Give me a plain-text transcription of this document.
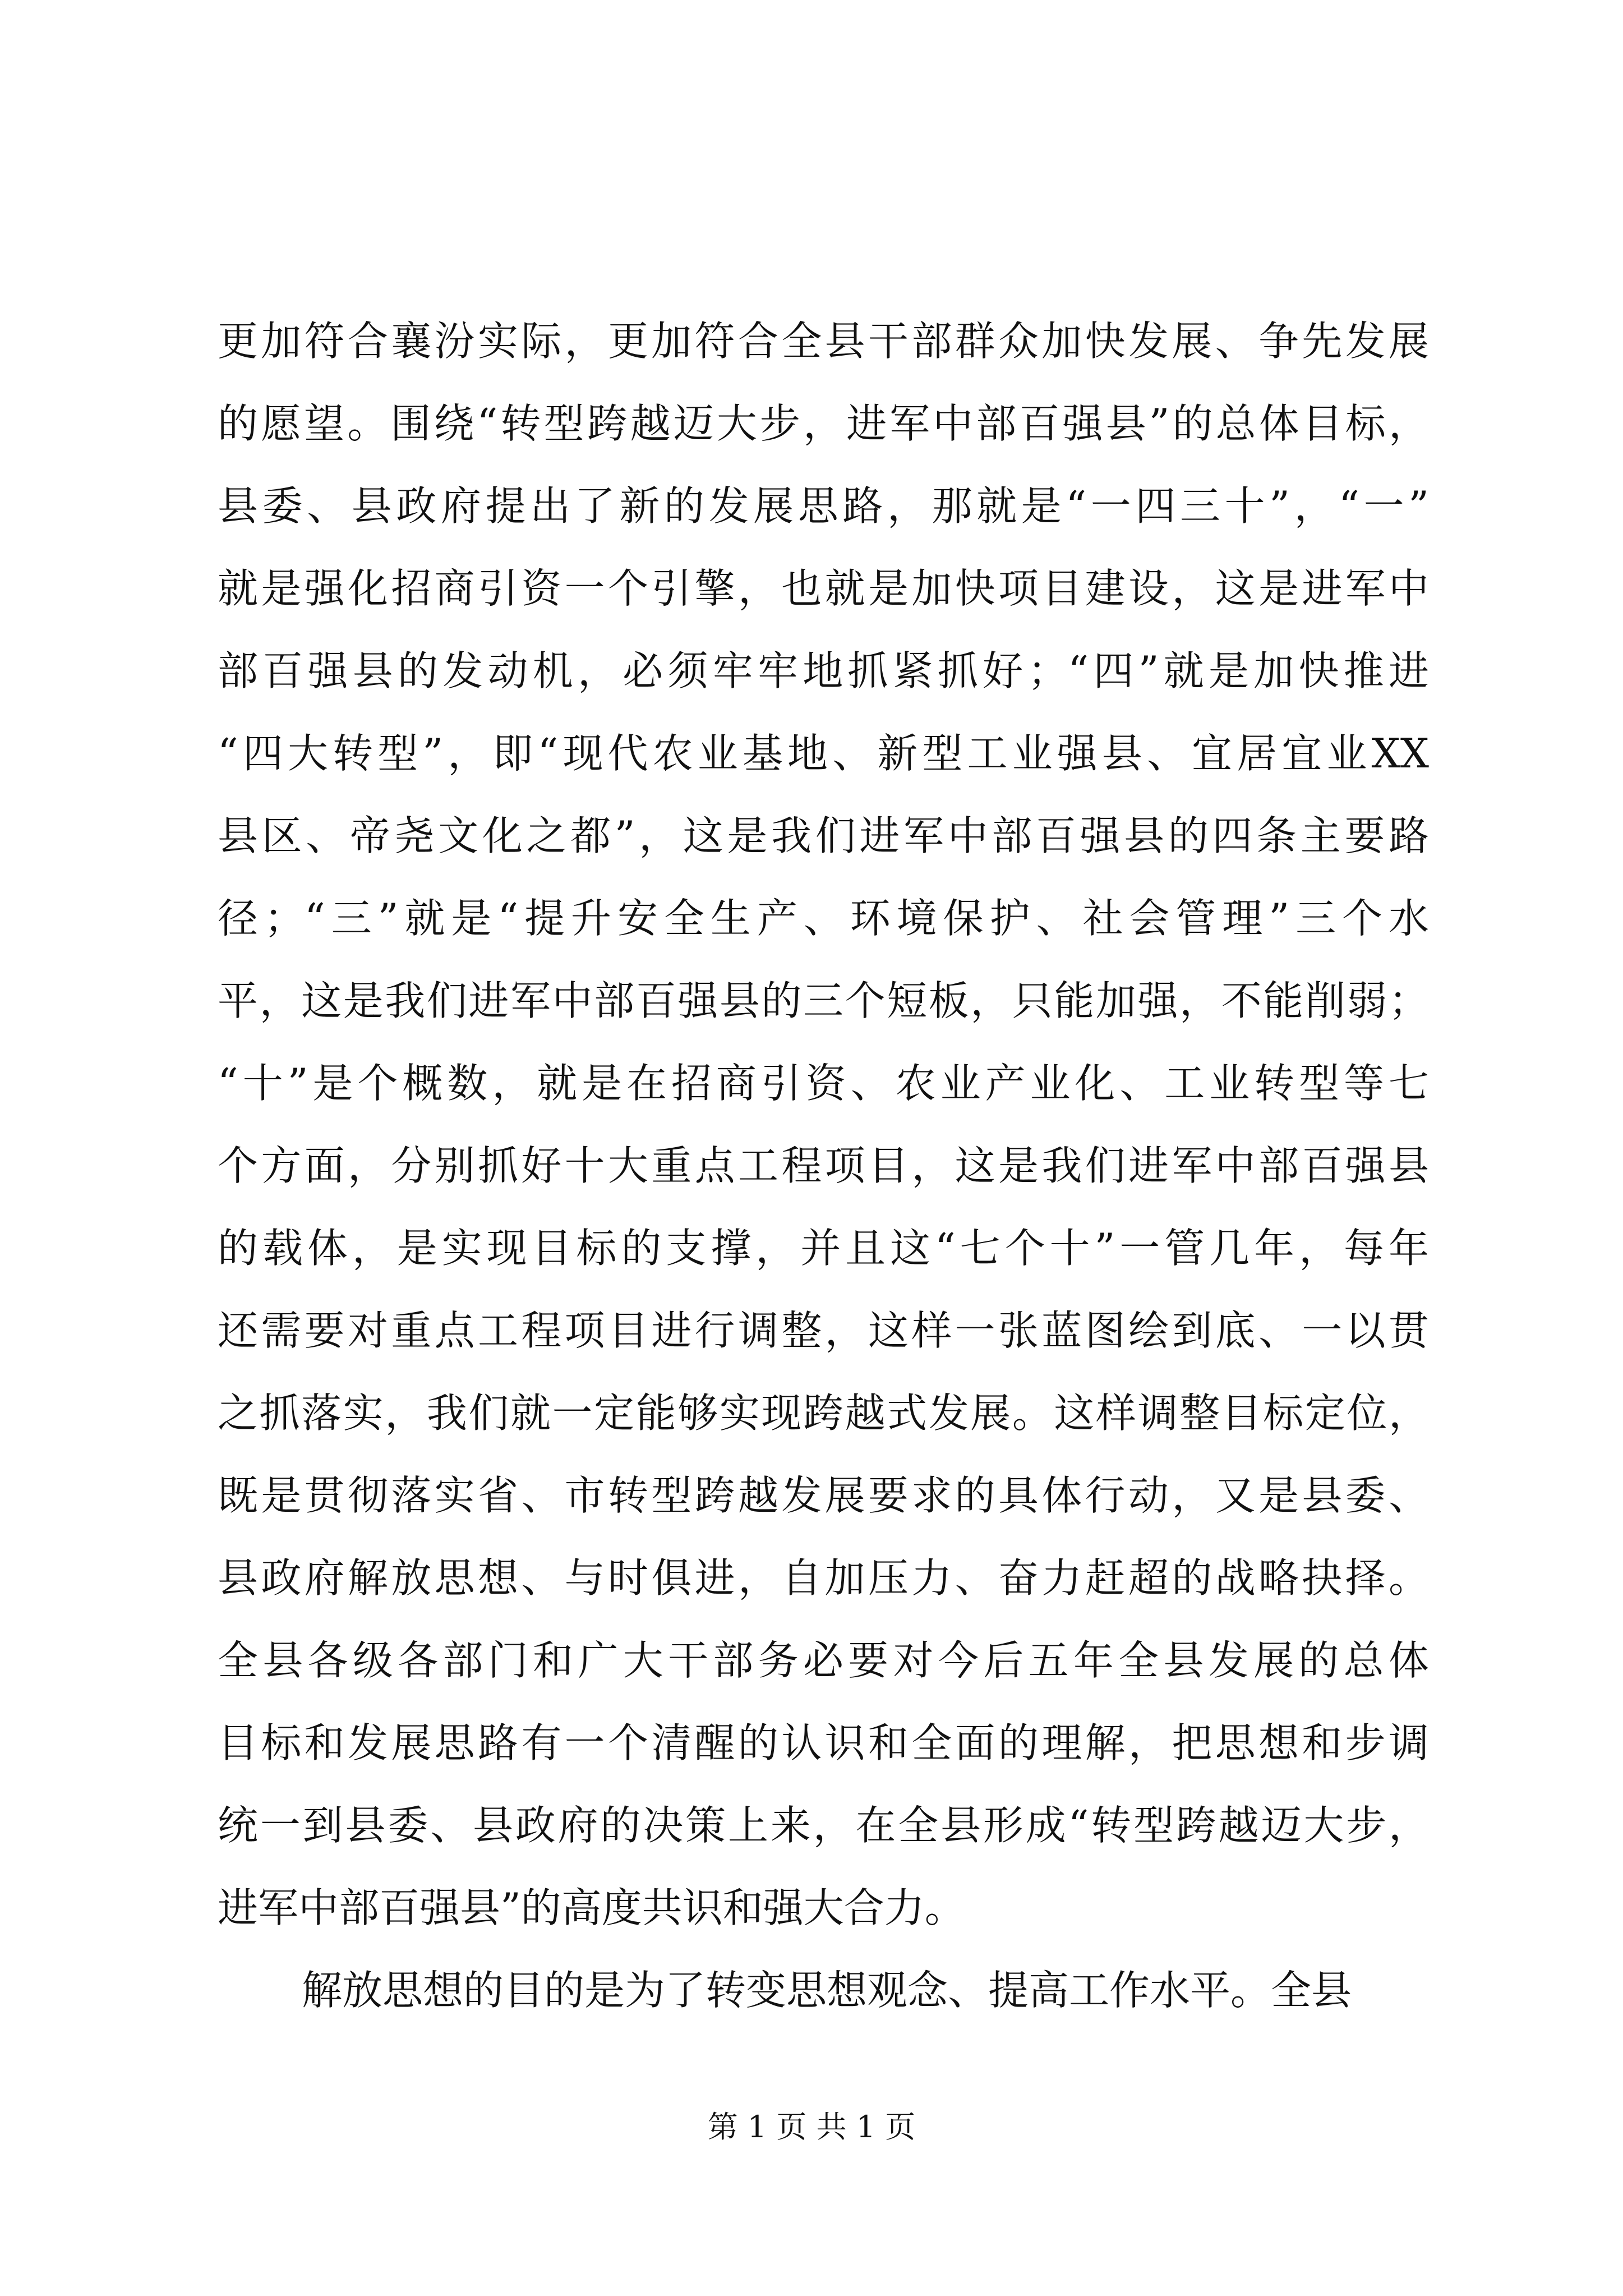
更加符合襄汾实际，更加符合全县干部群众加快发展、争先发展
的愿望。围绕“转型跨越迈大步，进军中部百强县”的总体目标，
县委、县政府提出了新的发展思路，那就是“一四三十”，“一”
就是强化招商引资一个引擎，也就是加快项目建设，这是进军中
部百强县的发动机，必须牢牢地抓紧抓好；“四”就是加快推进
“四大转型”，即“现代农业基地、新型工业强县、宜居宜业XX
县区、帝尧文化之都”，这是我们进军中部百强县的四条主要路
径；“三”就是“提升安全生产、环境保护、社会管理”三个水
平，这是我们进军中部百强县的三个短板，只能加强，不能削弱；
“十”是个概数，就是在招商引资、农业产业化、工业转型等七
个方面，分别抓好十大重点工程项目，这是我们进军中部百强县
的载体，是实现目标的支撑，并且这“七个十”一管几年，每年
还需要对重点工程项目进行调整，这样一张蓝图绘到底、一以贯
之抓落实，我们就一定能够实现跨越式发展。这样调整目标定位，
既是贯彻落实省、市转型跨越发展要求的具体行动，又是县委、
县政府解放思想、与时俱进，自加压力、奋力赶超的战略抉择。
全县各级各部门和广大干部务必要对今后五年全县发展的总体
目标和发展思路有一个清醒的认识和全面的理解，把思想和步调
统一到县委、县政府的决策上来，在全县形成“转型跨越迈大步，
进军中部百强县”的高度共识和强大合力。
解放思想的目的是为了转变思想观念、提高工作水平。全县
第 1 页 共 1 页
